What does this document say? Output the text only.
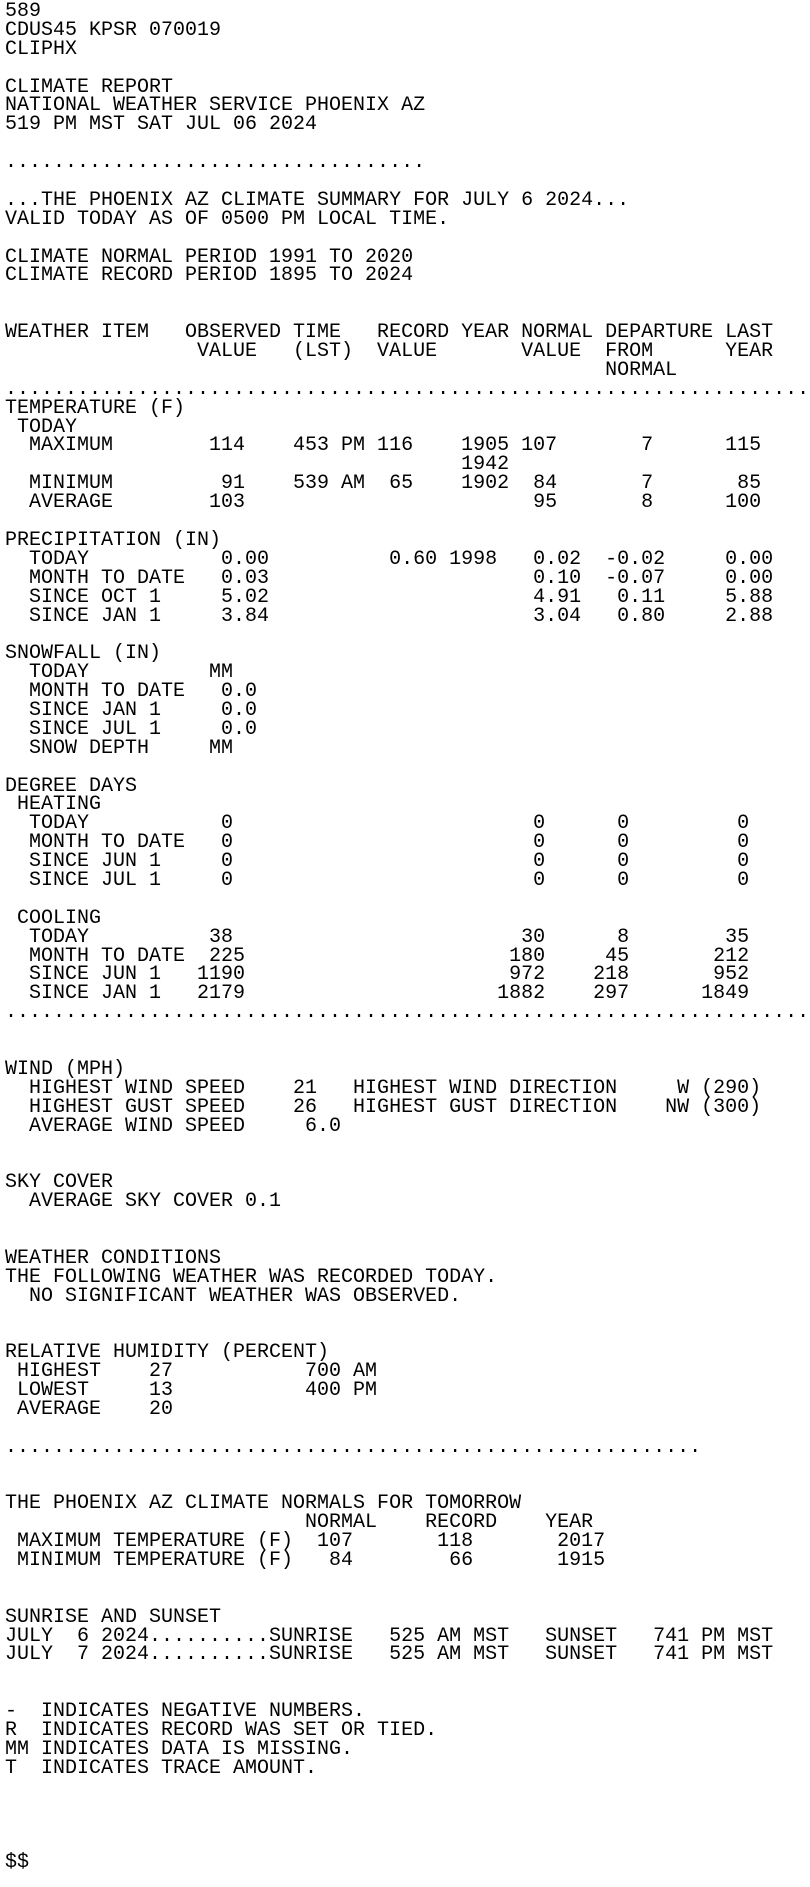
589
CDUS45 KPSR 070019
CLIPHX
CLIMATE REPORT
NATIONAL WEATHER SERVICE PHOENIX AZ
519 PM MST SAT JUL 06 2024
...................................
...THE PHOENIX AZ CLIMATE SUMMARY FOR JULY 6 2024...
VALID TODAY AS OF 0500 PM LOCAL TIME.
CLIMATE NORMAL PERIOD 1991 TO 2020
CLIMATE RECORD PERIOD 1895 TO 2024
WEATHER ITEM   OBSERVED TIME   RECORD YEAR NORMAL DEPARTURE LAST
VALUE   (LST)  VALUE       VALUE  FROM      YEAR
NORMAL
...................................................................
TEMPERATURE (F)
TODAY
MAXIMUM        114    453 PM 116    1905 107       7      115
1942
MINIMUM         91    539 AM  65    1902  84       7       85
AVERAGE        103                        95       8      100
PRECIPITATION (IN)
TODAY           0.00          0.60 1998   0.02  -0.02     0.00
MONTH TO DATE   0.03                      0.10  -0.07     0.00
SINCE OCT 1     5.02                      4.91   0.11     5.88
SINCE JAN 1     3.84                      3.04   0.80     2.88
SNOWFALL (IN)
TODAY          MM
MONTH TO DATE   0.0
SINCE JAN 1     0.0
SINCE JUL 1     0.0
SNOW DEPTH     MM
DEGREE DAYS
HEATING
TODAY           0                         0      0         0
MONTH TO DATE   0                         0      0         0
SINCE JUN 1     0                         0      0         0
SINCE JUL 1     0                         0      0         0
COOLING
TODAY          38                        30      8        35
MONTH TO DATE  225                      180     45       212
SINCE JUN 1   1190                      972    218       952
SINCE JAN 1   2179                     1882    297      1849
...................................................................
WIND (MPH)
HIGHEST WIND SPEED    21   HIGHEST WIND DIRECTION     W (290)
HIGHEST GUST SPEED    26   HIGHEST GUST DIRECTION    NW (300)
AVERAGE WIND SPEED     6.0
SKY COVER
AVERAGE SKY COVER 0.1
WEATHER CONDITIONS
THE FOLLOWING WEATHER WAS RECORDED TODAY.
NO SIGNIFICANT WEATHER WAS OBSERVED.
RELATIVE HUMIDITY (PERCENT)
HIGHEST    27           700 AM
LOWEST     13           400 PM
AVERAGE    20
..........................................................
THE PHOENIX AZ CLIMATE NORMALS FOR TOMORROW
NORMAL    RECORD    YEAR
MAXIMUM TEMPERATURE (F)  107       118       2017
MINIMUM TEMPERATURE (F)   84        66       1915
SUNRISE AND SUNSET
JULY  6 2024..........SUNRISE   525 AM MST   SUNSET   741 PM MST
JULY  7 2024..........SUNRISE   525 AM MST   SUNSET   741 PM MST
-  INDICATES NEGATIVE NUMBERS.
R  INDICATES RECORD WAS SET OR TIED.
MM INDICATES DATA IS MISSING.
T  INDICATES TRACE AMOUNT.
$$
